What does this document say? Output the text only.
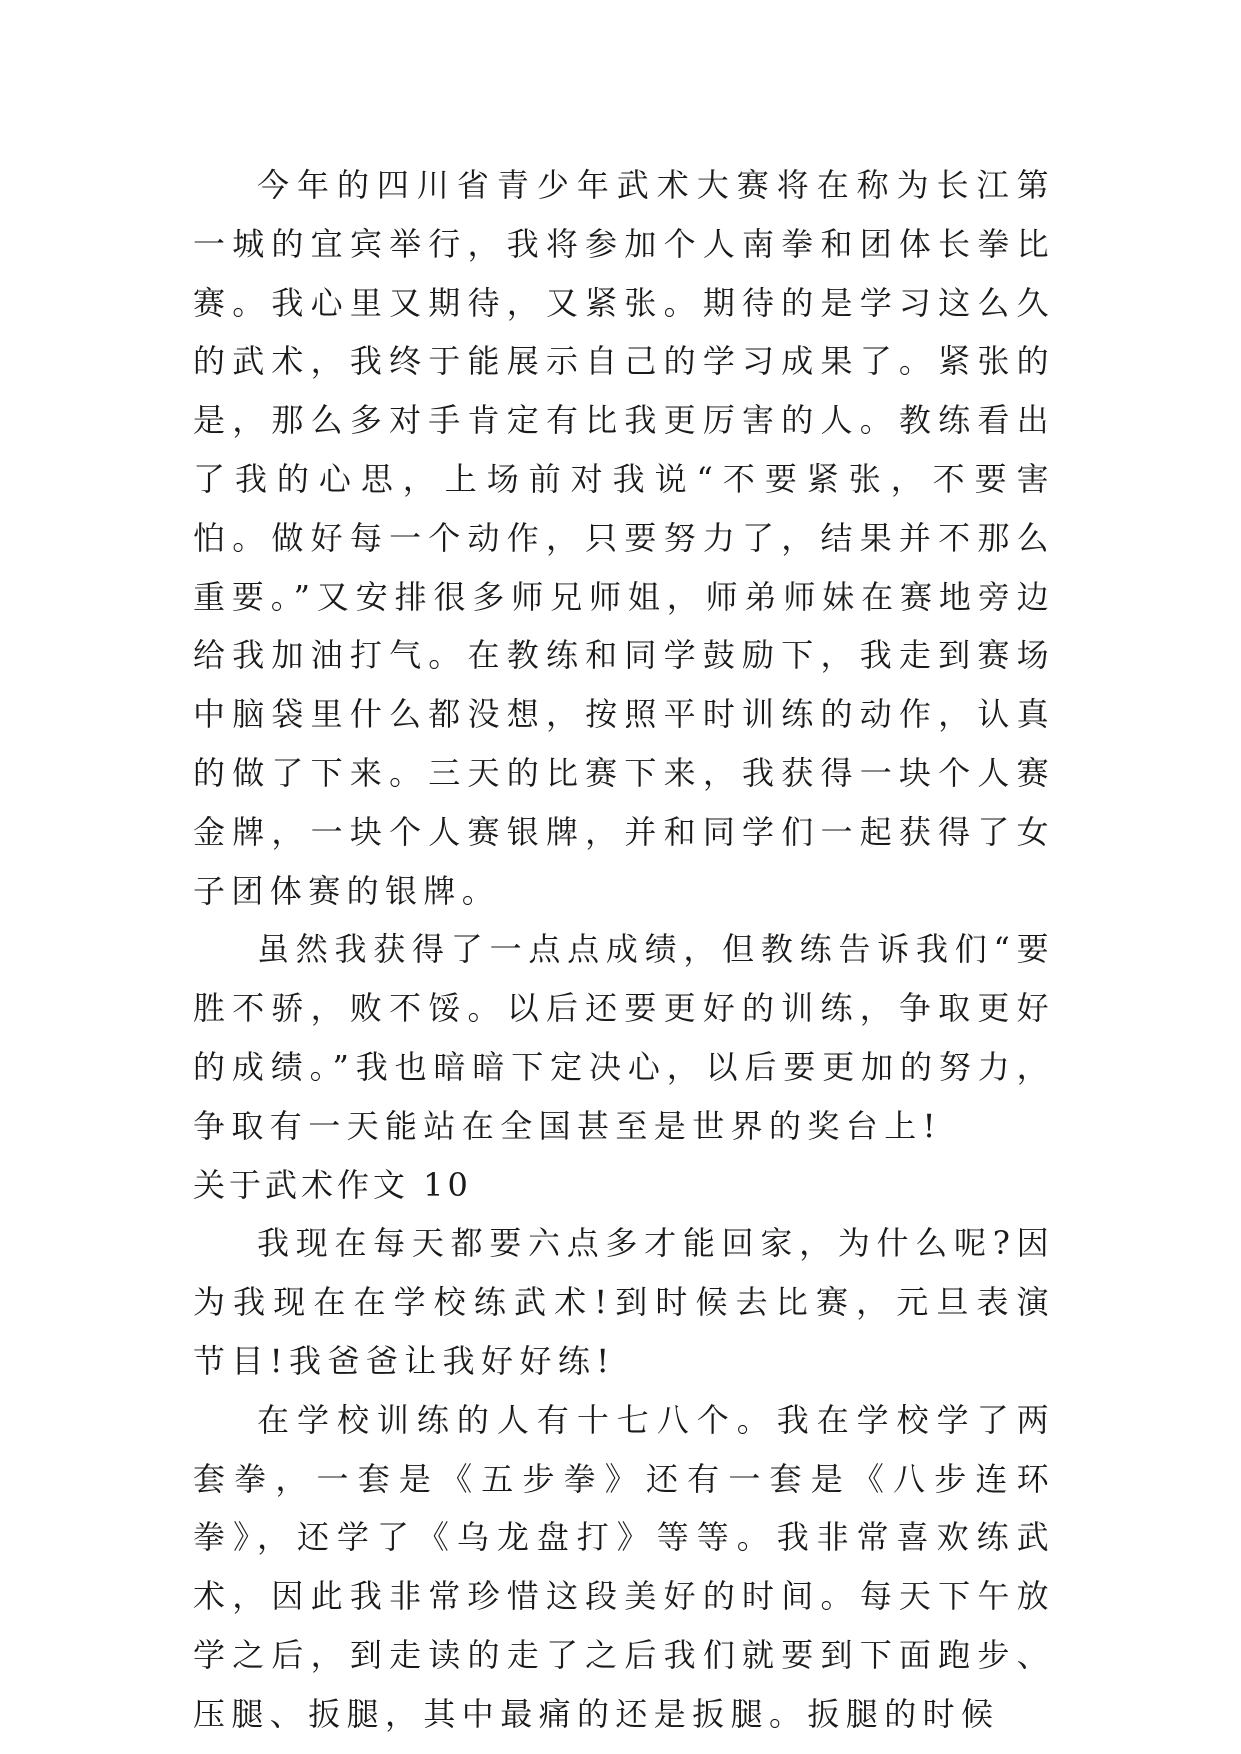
今年的四川省青少年武术大赛将在称为长江第一城的宜宾举行，我将参加个人南拳和团体长拳比赛。我心里又期待，又紧张。期待的是学习这么久的武术，我终于能展示自己的学习成果了。紧张的是，那么多对手肯定有比我更厉害的人。教练看出了我的心思，上场前对我说“不要紧张，不要害怕。做好每一个动作，只要努力了，结果并不那么重要。”又安排很多师兄师姐，师弟师妹在赛地旁边给我加油打气。在教练和同学鼓励下，我走到赛场中脑袋里什么都没想，按照平时训练的动作，认真的做了下来。三天的比赛下来，我获得一块个人赛金牌，一块个人赛银牌，并和同学们一起获得了女子团体赛的银牌。

虽然我获得了一点点成绩，但教练告诉我们“要胜不骄，败不馁。以后还要更好的训练，争取更好的成绩。”我也暗暗下定决心，以后要更加的努力，争取有一天能站在全国甚至是世界的奖台上!

关于武术作文 10

我现在每天都要六点多才能回家，为什么呢?因为我现在在学校练武术!到时候去比赛，元旦表演节目!我爸爸让我好好练!

在学校训练的人有十七八个。我在学校学了两套拳，一套是《五步拳》还有一套是《八步连环拳》，还学了《乌龙盘打》等等。我非常喜欢练武术，因此我非常珍惜这段美好的时间。每天下午放学之后，到走读的走了之后我们就要到下面跑步、压腿、扳腿，其中最痛的还是扳腿。扳腿的时候
